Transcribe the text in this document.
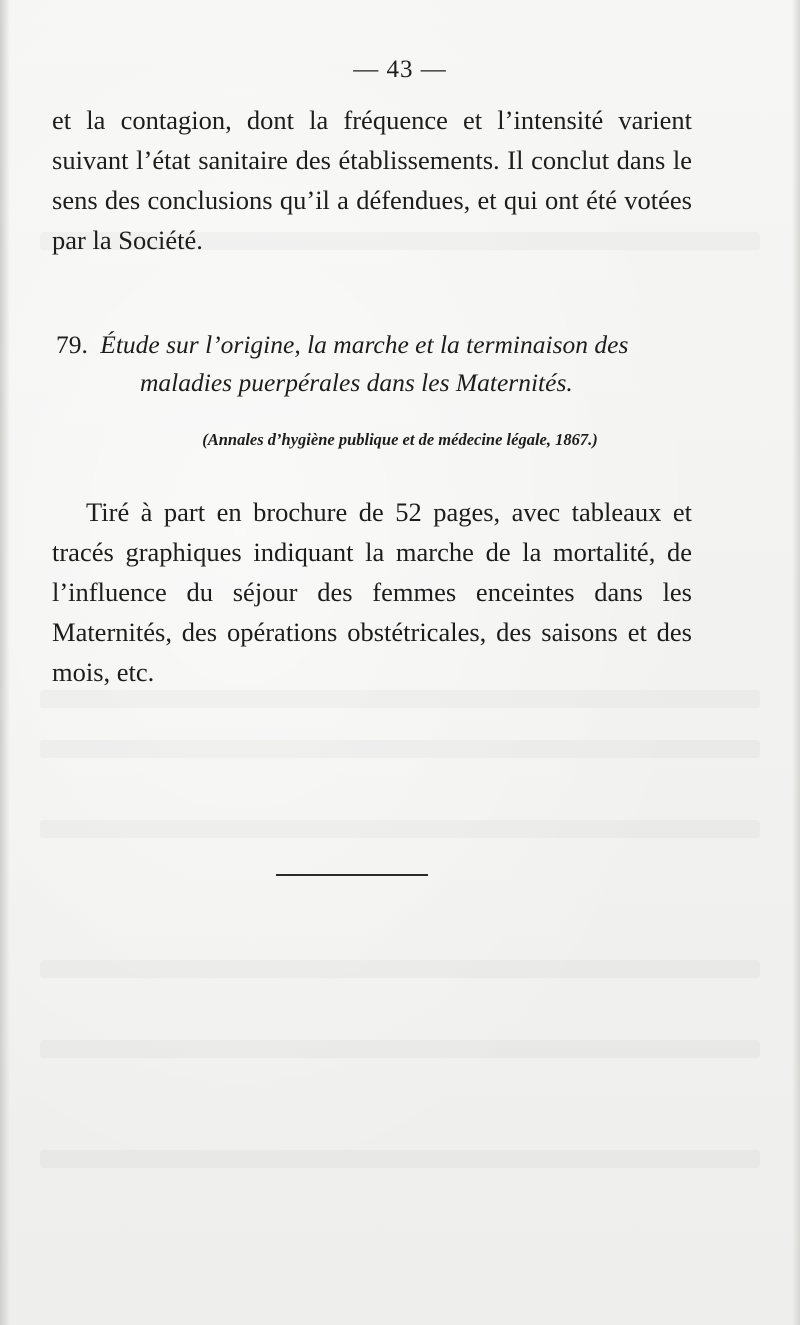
— 43 —

et la contagion, dont la fréquence et l’intensité varient suivant l’état sanitaire des établissements. Il conclut dans le sens des conclusions qu’il a défendues, et qui ont été votées par la Société.

79. Étude sur l’origine, la marche et la terminaison des

maladies puerpérales dans les Maternités.

(Annales d’hygiène publique et de médecine légale, 1867.)

Tiré à part en brochure de 52 pages, avec tableaux et tracés graphiques indiquant la marche de la mortalité, de l’influence du séjour des femmes enceintes dans les Maternités, des opérations obstétricales, des saisons et des mois, etc.
